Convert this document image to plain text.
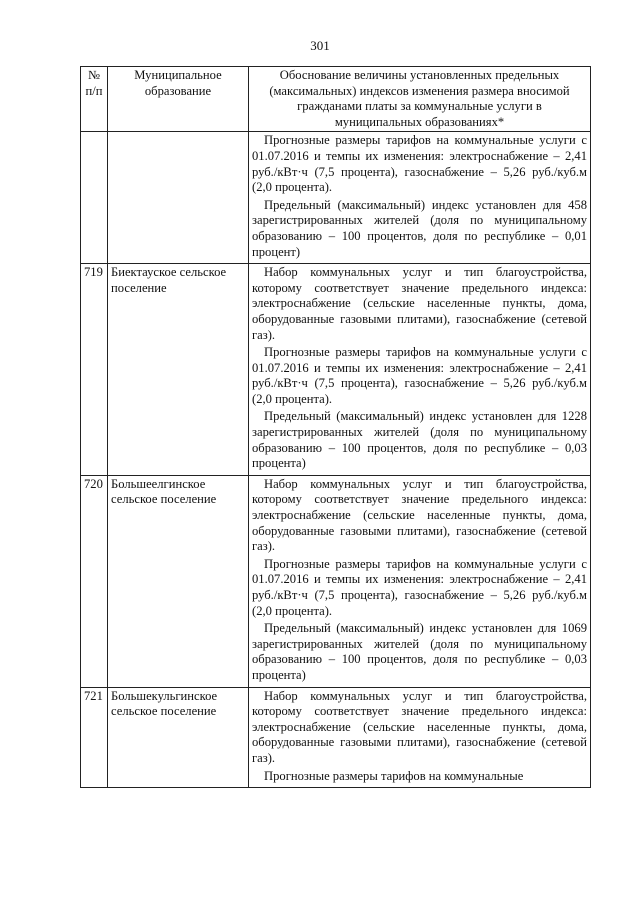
301
№ п/п	Муниципальное образование	Обоснование величины установленных предельных (максимальных) индексов изменения размера вносимой гражданами платы за коммунальные услуги в муниципальных образованиях*

		Прогнозные размеры тарифов на коммунальные услуги с 01.07.2016 и темпы их изменения: электроснабжение – 2,41 руб./кВт·ч (7,5 процента), газоснабжение – 5,26 руб./куб.м (2,0 процента).

Предельный (максимальный) индекс установлен для 458 зарегистрированных жителей (доля по муниципальному образованию – 100 процентов, доля по республике – 0,01 процент)

719	Биектауское сельское поселение	Набор коммунальных услуг и тип благоустройства, которому соответствует значение предельного индекса: электроснабжение (сельские населенные пункты, дома, оборудованные газовыми плитами), газоснабжение (сетевой газ).

Прогнозные размеры тарифов на коммунальные услуги с 01.07.2016 и темпы их изменения: электроснабжение – 2,41 руб./кВт·ч (7,5 процента), газоснабжение – 5,26 руб./куб.м (2,0 процента).

Предельный (максимальный) индекс установлен для 1228 зарегистрированных жителей (доля по муниципальному образованию – 100 процентов, доля по республике – 0,03 процента)

720	Большеелгинское сельское поселение	Набор коммунальных услуг и тип благоустройства, которому соответствует значение предельного индекса: электроснабжение (сельские населенные пункты, дома, оборудованные газовыми плитами), газоснабжение (сетевой газ).

Прогнозные размеры тарифов на коммунальные услуги с 01.07.2016 и темпы их изменения: электроснабжение – 2,41 руб./кВт·ч (7,5 процента), газоснабжение – 5,26 руб./куб.м (2,0 процента).

Предельный (максимальный) индекс установлен для 1069 зарегистрированных жителей (доля по муниципальному образованию – 100 процентов, доля по республике – 0,03 процента)

721	Большекульгинское сельское поселение	Набор коммунальных услуг и тип благоустройства, которому соответствует значение предельного индекса: электроснабжение (сельские населенные пункты, дома, оборудованные газовыми плитами), газоснабжение (сетевой газ).

Прогнозные размеры тарифов на коммунальные
